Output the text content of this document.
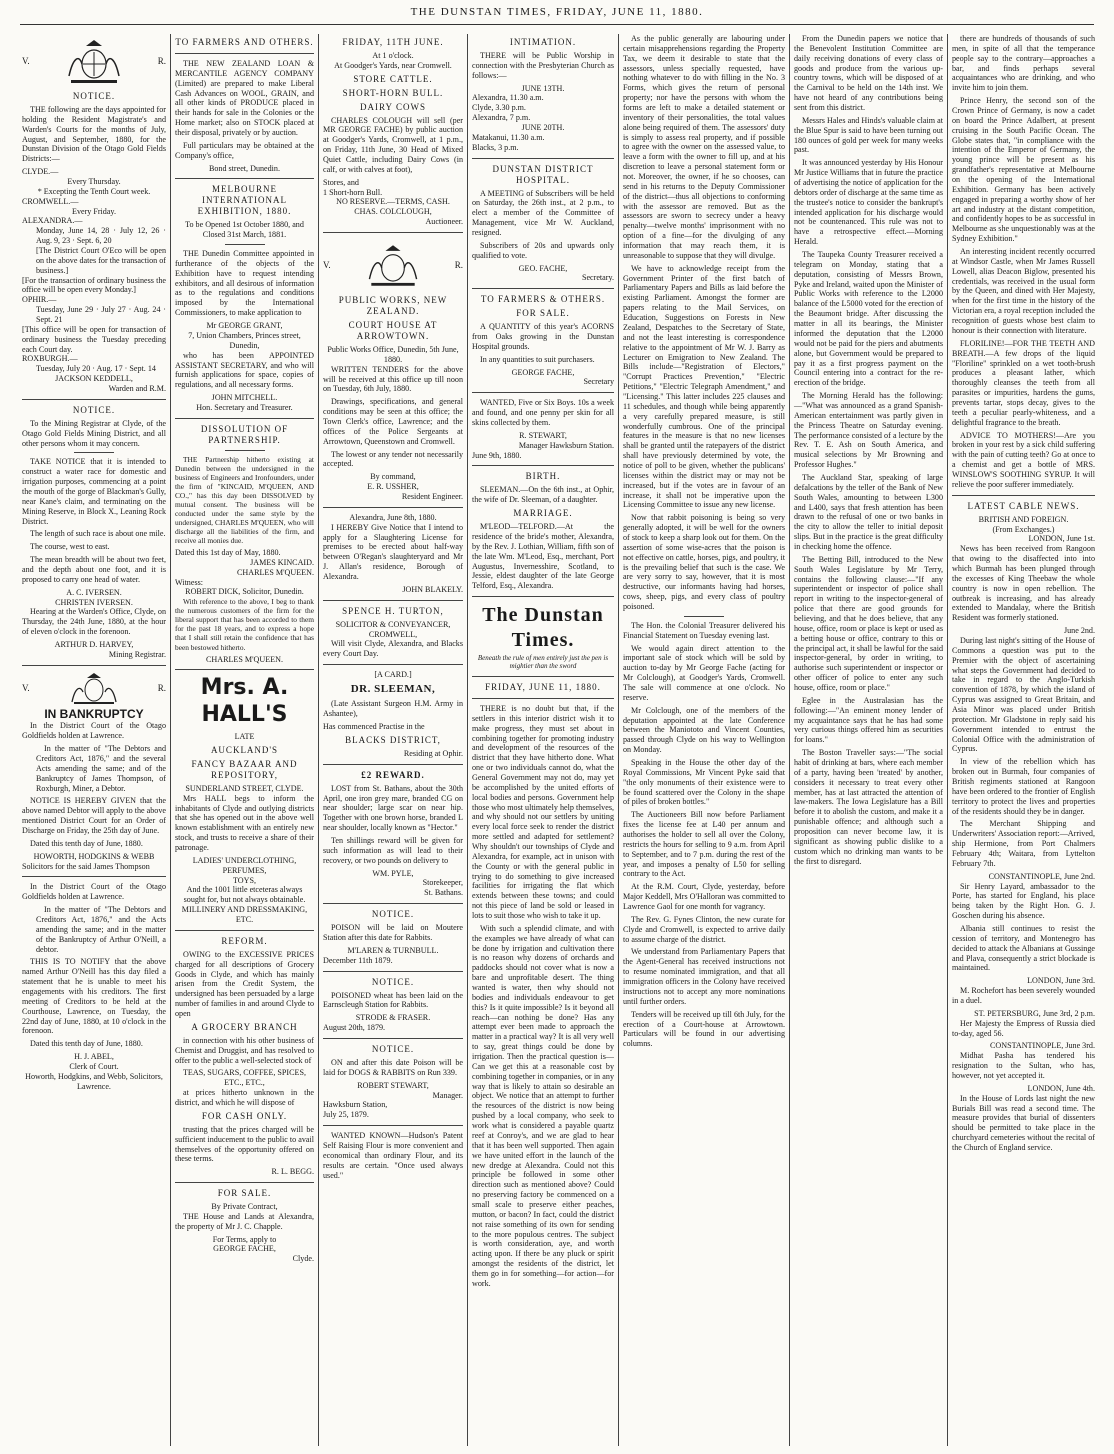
THE DUNSTAN TIMES, FRIDAY, JUNE 11, 1880.
V.	R.
NOTICE.

THE following are the days appointed for holding the Resident Magistrate's and Warden's Courts for the months of July, August, and September, 1880, for the Dunstan Division of the Otago Gold Fields Districts:—

CLYDE.—
Every Thursday.
* Excepting the Tenth Court week.
CROMWELL.—
Every Friday.
ALEXANDRA.—
Monday, June 14, 28 · July 12, 26 · Aug. 9, 23 · Sept. 6, 20
[The District Court O'Eco will be open on the above dates for the transaction of business.]
[For the transaction of ordinary business the office will be open every Monday.]
OPHIR.—
Tuesday, June 29 · July 27 · Aug. 24 · Sept. 21
[This office will be open for transaction of ordinary business the Tuesday preceding each Court day.
ROXBURGH.—
Tuesday, July 20 · Aug. 17 · Sept. 14
JACKSON KEDDELL,
Warden and R.M.
NOTICE.

To the Mining Registrar at Clyde, of the Otago Gold Fields Mining District, and all other persons whom it may concern.

TAKE NOTICE that it is intended to construct a water race for domestic and irrigation purposes, commencing at a point the mouth of the gorge of Blackman's Gully, near Kane's claim, and terminating on the Mining Reserve, in Block X., Leaning Rock District.

The length of such race is about one mile.

The course, west to east.

The mean breadth will be about two feet, and the depth about one foot, and it is proposed to carry one head of water.

A. C. IVERSEN.
CHRISTEN IVERSEN.

Hearing at the Warden's Office, Clyde, on Thursday, the 24th June, 1880, at the hour of eleven o'clock in the forenoon.

ARTHUR D. HARVEY,
Mining Registrar.
V.	R.
IN BANKRUPTCY

In the District Court of the Otago Goldfields holden at Lawrence.

In the matter of "The Debtors and Creditors Act, 1876," and the several Acts amending the same; and of the Bankruptcy of James Thompson, of Roxburgh, Miner, a Debtor.

NOTICE IS HEREBY GIVEN that the above named Debtor will apply to the above mentioned District Court for an Order of Discharge on Friday, the 25th day of June.

Dated this tenth day of June, 1880.

HOWORTH, HODGKINS & WEBB
Solicitors for the said James Thompson

In the District Court of the Otago Goldfields holden at Lawrence.

In the matter of "The Debtors and Creditors Act, 1876," and the Acts amending the same; and in the matter of the Bankruptcy of Arthur O'Neill, a debtor.

THIS IS TO NOTIFY that the above named Arthur O'Neill has this day filed a statement that he is unable to meet his engagements with his creditors. The first meeting of Creditors to be held at the Courthouse, Lawrence, on Tuesday, the 22nd day of June, 1880, at 10 o'clock in the forenoon.

Dated this tenth day of June, 1880.

H. J. ABEL,
Clerk of Court.
Howorth, Hodgkins, and Webb, Solicitors, Lawrence.
TO FARMERS AND OTHERS.

THE NEW ZEALAND LOAN & MERCANTILE AGENCY COMPANY (Limited) are prepared to make Liberal Cash Advances on WOOL, GRAIN, and all other kinds of PRODUCE placed in their hands for sale in the Colonies or the Home market; also on STOCK placed at their disposal, privately or by auction.

Full particulars may be obtained at the Company's office,

Bond street, Dunedin.
MELBOURNE INTERNATIONAL EXHIBITION, 1880.
To be Opened 1st October 1880, and Closed 31st March, 1881.

THE Dunedin Committee appointed in furtherance of the objects of the Exhibition have to request intending exhibitors, and all desirous of information as to the regulations and conditions imposed by the International Commissioners, to make application to

Mr GEORGE GRANT,
7, Union Chambers, Princes street, Dunedin,

who has been APPOINTED ASSISTANT SECRETARY, and who will furnish applications for space, copies of regulations, and all necessary forms.

JOHN MITCHELL.
Hon. Secretary and Treasurer.
DISSOLUTION OF PARTNERSHIP.

THE Partnership hitherto existing at Dunedin between the undersigned in the business of Engineers and Ironfounders, under the firm of "KINCAID, M'QUEEN, AND CO.," has this day been DISSOLVED by mutual consent. The business will be conducted under the same style by the undersigned, CHARLES M'QUEEN, who will discharge all the liabilities of the firm, and receive all monies due.

Dated this 1st day of May, 1880.
JAMES KINCAID.
CHARLES M'QUEEN.
Witness:
ROBERT DICK, Solicitor, Dunedin.

With reference to the above, I beg to thank the numerous customers of the firm for the liberal support that has been accorded to them for the past 18 years, and to express a hope that I shall still retain the confidence that has been bestowed hitherto.

CHARLES M'QUEEN.
Mrs. A. HALL'S
LATE
AUCKLAND'S
FANCY BAZAAR AND REPOSITORY,
SUNDERLAND STREET, CLYDE.

Mrs HALL begs to inform the inhabitants of Clyde and outlying districts that she has opened out in the above well known establishment with an entirely new stock, and trusts to receive a share of their patronage.

LADIES' UNDERCLOTHING,
PERFUMES,
TOYS,
And the 1001 little etceteras always sought for, but not always obtainable.
MILLINERY AND DRESSMAKING, ETC.
REFORM.

OWING to the EXCESSIVE PRICES charged for all descriptions of Grocery Goods in Clyde, and which has mainly arisen from the Credit System, the undersigned has been persuaded by a large number of families in and around Clyde to open

A GROCERY BRANCH

in connection with his other business of Chemist and Druggist, and has resolved to offer to the public a well-selected stock of

TEAS, SUGARS, COFFEE, SPICES, ETC., ETC.,

at prices hitherto unknown in the district, and which he will dispose of

FOR CASH ONLY.

trusting that the prices charged will be sufficient inducement to the public to avail themselves of the opportunity offered on these terms.

R. L. BEGG.
FOR SALE.
By Private Contract,

THE House and Lands at Alexandra, the property of Mr J. C. Chapple.

For Terms, apply to
GEORGE FACHE,
Clyde.
FRIDAY, 11TH JUNE.
At 1 o'clock.
At Goodger's Yards, near Cromwell.
STORE CATTLE.
SHORT-HORN BULL.
DAIRY COWS

CHARLES COLOUGH will sell (per MR GEORGE FACHE) by public auction at Goodger's Yards, Cromwell, at 1 p.m., on Friday, 11th June, 30 Head of Mixed Quiet Cattle, including Dairy Cows (in calf, or with calves at foot),

Stores, and
1 Short-horn Bull.
NO RESERVE.—TERMS, CASH.
CHAS. COLCLOUGH,
Auctioneer.
V.	R.
PUBLIC WORKS, NEW ZEALAND.
COURT HOUSE AT ARROWTOWN.
Public Works Office, Dunedin, 5th June, 1880.

WRITTEN TENDERS for the above will be received at this office up till noon on Tuesday, 6th July, 1880.

Drawings, specifications, and general conditions may be seen at this office; the Town Clerk's office, Lawrence; and the offices of the Police Sergeants at Arrowtown, Queenstown and Cromwell.

The lowest or any tender not necessarily accepted.

By command,
E. R. USSHER,
Resident Engineer.
Alexandra, June 8th, 1880.

I HEREBY Give Notice that I intend to apply for a Slaughtering License for premises to be erected about half-way between O'Regan's slaughteryard and Mr J. Allan's residence, Borough of Alexandra.

JOHN BLAKELY.
SPENCE H. TURTON,
SOLICITOR & CONVEYANCER,
CROMWELL,

Will visit Clyde, Alexandra, and Blacks every Court Day.

[A CARD.]
DR. SLEEMAN,

(Late Assistant Surgeon H.M. Army in Ashantee),

Has commenced Practise in the
BLACKS DISTRICT,
Residing at Ophir.
£2 REWARD.

LOST from St. Bathans, about the 30th April, one iron grey mare, branded CG on near shoulder; large scar on near hip. Together with one brown horse, branded L near shoulder, locally known as "Hector."

Ten shillings reward will be given for such information as will lead to their recovery, or two pounds on delivery to

WM. PYLE,
Storekeeper,
St. Bathans.
NOTICE.

POISON will be laid on Moutere Station after this date for Rabbits.

M'LAREN & TURNBULL.
December 11th 1879.
NOTICE.

POISONED wheat has been laid on the Earnscleugh Station for Rabbits.

STRODE & FRASER.
August 20th, 1879.
NOTICE.

ON and after this date Poison will be laid for DOGS & RABBITS on Run 339.

ROBERT STEWART,
Manager.
Hawksburn Station,
July 25, 1879.

WANTED KNOWN—Hudson's Patent Self Raising Flour is more convenient and economical than ordinary Flour, and its results are certain. "Once used always used."

INTIMATION.

THERE will be Public Worship in connection with the Presbyterian Church as follows:—

JUNE 13TH.
Alexandra, 11.30 a.m.
Clyde, 3.30 p.m.
Alexandra, 7 p.m.
JUNE 20TH.
Matakanui, 11.30 a.m.
Blacks, 3 p.m.
DUNSTAN DISTRICT HOSPITAL.

A MEETING of Subscribers will be held on Saturday, the 26th inst., at 2 p.m., to elect a member of the Committee of Management, vice Mr W. Auckland, resigned.

Subscribers of 20s and upwards only qualified to vote.

GEO. FACHE,
Secretary.
TO FARMERS & OTHERS.
FOR SALE.

A QUANTITY of this year's ACORNS from Oaks growing in the Dunstan Hospital grounds.

In any quantities to suit purchasers.

GEORGE FACHE,
Secretary

WANTED, Five or Six Boys. 10s a week and found, and one penny per skin for all skins collected by them.

R. STEWART,
Manager Hawksburn Station.
June 9th, 1880.
BIRTH.

SLEEMAN.—On the 6th inst., at Ophir, the wife of Dr. Sleeman, of a daughter.

MARRIAGE.

M'LEOD—TELFORD.—At the residence of the bride's mother, Alexandra, by the Rev. J. Lothian, William, fifth son of the late Wm. M'Leod, Esq., merchant, Port Augustus, Invernesshire, Scotland, to Jessie, eldest daughter of the late George Telford, Esq., Alexandra.

The Dunstan Times.
Beneath the rule of men entirely just the pen is mightier than the sword
FRIDAY, JUNE 11, 1880.

THERE is no doubt but that, if the settlers in this interior district wish it to make progress, they must set about in combining together for promoting industry and development of the resources of the district that they have hitherto done. What one or two individuals cannot do, what the General Government may not do, may yet be accomplished by the united efforts of local bodies and persons. Government help those who most ultimately help themselves, and why should not our settlers by uniting every local force seek to render the district more settled and adapted for settlement? Why shouldn't our townships of Clyde and Alexandra, for example, act in unison with the County or with the general public in trying to do something to give increased facilities for irrigating the flat which extends between these towns; and could not this piece of land be sold or leased in lots to suit those who wish to take it up.

With such a splendid climate, and with the examples we have already of what can be done by irrigation and cultivation there is no reason why dozens of orchards and paddocks should not cover what is now a bare and unprofitable desert. The thing wanted is water, then why should not bodies and individuals endeavour to get this? Is it quite impossible? Is it beyond all reach—can nothing be done? Has any attempt ever been made to approach the matter in a practical way? It is all very well to say, great things could be done by irrigation. Then the practical question is—Can we get this at a reasonable cost by combining together in companies, or in any way that is likely to attain so desirable an object. We notice that an attempt to further the resources of the district is now being pushed by a local company, who seek to work what is considered a payable quartz reef at Conroy's, and we are glad to hear that it has been well supported. Then again we have united effort in the launch of the new dredge at Alexandra. Could not this principle be followed in some other direction such as mentioned above? Could no preserving factory be commenced on a small scale to preserve either peaches, mutton, or bacon? In fact, could the district not raise something of its own for sending to the more populous centres. The subject is worth consideration, aye, and worth acting upon. If there be any pluck or spirit amongst the residents of the district, let them go in for something—for action—for work.

As the public generally are labouring under certain misapprehensions regarding the Property Tax, we deem it desirable to state that the assessors, unless specially requested, have nothing whatever to do with filling in the No. 3 Forms, which gives the return of personal property; nor have the persons with whom the forms are left to make a detailed statement or inventory of their personalities, the total values alone being required of them. The assessors' duty is simply to assess real property, and if possible to agree with the owner on the assessed value, to leave a form with the owner to fill up, and at his discretion to leave a personal statement form or not. Moreover, the owner, if he so chooses, can send in his returns to the Deputy Commissioner of the district—thus all objections to conforming with the assessor are removed. But as the assessors are sworn to secrecy under a heavy penalty—twelve months' imprisonment with no option of a fine—for the divulging of any information that may reach them, it is unreasonable to suppose that they will divulge.

We have to acknowledge receipt from the Government Printer of the first batch of Parliamentary Papers and Bills as laid before the existing Parliament. Amongst the former are papers relating to the Mail Services, on Education, Suggestions on Forests in New Zealand, Despatches to the Secretary of State, and not the least interesting is correspondence relative to the appointment of Mr W. J. Barry as Lecturer on Emigration to New Zealand. The Bills include—"Registration of Electors," "Corrupt Practices Prevention," "Electric Petitions," "Electric Telegraph Amendment," and "Licensing." This latter includes 225 clauses and 11 schedules, and though while being apparently a very carefully prepared measure, is still wonderfully cumbrous. One of the principal features in the measure is that no new licenses shall be granted until the ratepayers of the district shall have previously determined by vote, the notice of poll to be given, whether the publicans' licenses within the district may or may not be increased, but if the votes are in favour of an increase, it shall not be imperative upon the Licensing Committee to issue any new license.

Now that rabbit poisoning is being so very generally adopted, it will be well for the owners of stock to keep a sharp look out for them. On the assertion of some wise-acres that the poison is not effective on cattle, horses, pigs, and poultry, it is the prevailing belief that such is the case. We are very sorry to say, however, that it is most destructive, our informants having had horses, cows, sheep, pigs, and every class of poultry poisoned.

The Hon. the Colonial Treasurer delivered his Financial Statement on Tuesday evening last.

We would again direct attention to the important sale of stock which will be sold by auction to-day by Mr George Fache (acting for Mr Colclough), at Goodger's Yards, Cromwell. The sale will commence at one o'clock. No reserve.

Mr Colclough, one of the members of the deputation appointed at the late Conference between the Maniototo and Vincent Counties, passed through Clyde on his way to Wellington on Monday.

Speaking in the House the other day of the Royal Commissions, Mr Vincent Pyke said that "the only monuments of their existence were to be found scattered over the Colony in the shape of piles of broken bottles."

The Auctioneers Bill now before Parliament fixes the license fee at L40 per annum and authorises the holder to sell all over the Colony, restricts the hours for selling to 9 a.m. from April to September, and to 7 p.m. during the rest of the year, and imposes a penalty of L50 for selling contrary to the Act.

At the R.M. Court, Clyde, yesterday, before Major Keddell, Mrs O'Halloran was committed to Lawrence Gaol for one month for vagrancy.

The Rev. G. Fynes Clinton, the new curate for Clyde and Cromwell, is expected to arrive daily to assume charge of the district.

We understand from Parliamentary Papers that the Agent-General has received instructions not to resume nominated immigration, and that all immigration officers in the Colony have received instructions not to accept any more nominations until further orders.

Tenders will be received up till 6th July, for the erection of a Court-house at Arrowtown. Particulars will be found in our advertising columns.

From the Dunedin papers we notice that the Benevolent Institution Committee are daily receiving donations of every class of goods and produce from the various up-country towns, which will be disposed of at the Carnival to be held on the 14th inst. We have not heard of any contributions being sent from this district.

Messrs Hales and Hinds's valuable claim at the Blue Spur is said to have been turning out 180 ounces of gold per week for many weeks past.

It was announced yesterday by His Honour Mr Justice Williams that in future the practice of advertising the notice of application for the debtors order of discharge at the same time as the trustee's notice to consider the bankrupt's intended application for his discharge would not be countenanced. This rule was not to have a retrospective effect.—Morning Herald.

The Taupeka County Treasurer received a telegram on Monday, stating that a deputation, consisting of Messrs Brown, Pyke and Ireland, waited upon the Minister of Public Works with reference to the L2000 balance of the L5000 voted for the erection of the Beaumont bridge. After discussing the matter in all its bearings, the Minister informed the deputation that the L2000 would not be paid for the piers and abutments alone, but Government would be prepared to pay it as a first progress payment on the Council entering into a contract for the re-erection of the bridge.

The Morning Herald has the following:—"What was announced as a grand Spanish-American entertainment was partly given in the Princess Theatre on Saturday evening. The performance consisted of a lecture by the Rev. T. E. Ash on South America, and musical selections by Mr Browning and Professor Hughes."

The Auckland Star, speaking of large defalcations by the teller of the Bank of New South Wales, amounting to between L300 and L400, says that fresh attention has been drawn to the refusal of one or two banks in the city to allow the teller to initial deposit slips. But in the practice is the great difficulty in checking home the offence.

The Betting Bill, introduced to the New South Wales Legislature by Mr Terry, contains the following clause:—"If any superintendent or inspector of police shall report in writing to the inspector-general of police that there are good grounds for believing, and that he does believe, that any house, office, room or place is kept or used as a betting house or office, contrary to this or the principal act, it shall be lawful for the said inspector-general, by order in writing, to authorise such superintendent or inspector or other officer of police to enter any such house, office, room or place."

Eglee in the Australasian has the following:—"An eminent money lender of my acquaintance says that he has had some very curious things offered him as securities for loans."

The Boston Traveller says:—"The social habit of drinking at bars, where each member of a party, having been 'treated' by another, considers it necessary to treat every other member, has at last attracted the attention of law-makers. The Iowa Legislature has a Bill before it to abolish the custom, and make it a punishable offence; and although such a proposition can never become law, it is significant as showing public dislike to a custom which no drinking man wants to be the first to disregard.

there are hundreds of thousands of such men, in spite of all that the temperance people say to the contrary—approaches a bar, and finds perhaps several acquaintances who are drinking, and who invite him to join them.

Prince Henry, the second son of the Crown Prince of Germany, is now a cadet on board the Prince Adalbert, at present cruising in the South Pacific Ocean. The Globe states that, "in compliance with the intention of the Emperor of Germany, the young prince will be present as his grandfather's representative at Melbourne on the opening of the International Exhibition. Germany has been actively engaged in preparing a worthy show of her art and industry at the distant competition, and confidently hopes to be as successful in Melbourne as she unquestionably was at the Sydney Exhibition."

An interesting incident recently occurred at Windsor Castle, when Mr James Russell Lowell, alias Deacon Biglow, presented his credentials, was received in the usual form by the Queen, and dined with Her Majesty, when for the first time in the history of the Victorian era, a royal reception included the recognition of guests whose best claim to honour is their connection with literature.

FLORILINE!—FOR THE TEETH AND BREATH.—A few drops of the liquid "Floriline" sprinkled on a wet tooth-brush produces a pleasant lather, which thoroughly cleanses the teeth from all parasites or impurities, hardens the gums, prevents tartar, stops decay, gives to the teeth a peculiar pearly-whiteness, and a delightful fragrance to the breath.

ADVICE TO MOTHERS!—Are you broken in your rest by a sick child suffering with the pain of cutting teeth? Go at once to a chemist and get a bottle of MRS. WINSLOW'S SOOTHING SYRUP. It will relieve the poor sufferer immediately.

LATEST CABLE NEWS.
BRITISH AND FOREIGN.
(From Exchanges.)
LONDON, June 1st.

News has been received from Rangoon that owing to the disaffected into into which Burmah has been plunged through the excesses of King Theebaw the whole country is now in open rebellion. The outbreak is increasing, and has already extended to Mandalay, where the British Resident was formerly stationed.

June 2nd.

During last night's sitting of the House of Commons a question was put to the Premier with the object of ascertaining what steps the Government had decided to take in regard to the Anglo-Turkish convention of 1878, by which the island of Cyprus was assigned to Great Britain, and Asia Minor was placed under British protection. Mr Gladstone in reply said his Government intended to entrust the Colonial Office with the administration of Cyprus.

In view of the rebellion which has broken out in Burmah, four companies of British regiments stationed at Rangoon have been ordered to the frontier of English territory to protect the lives and properties of the residents should they be in danger.

The Merchant Shipping and Underwriters' Association report:—Arrived, ship Hermione, from Port Chalmers February 4th; Waitara, from Lyttelton February 7th.

CONSTANTINOPLE, June 2nd.

Sir Henry Layard, ambassador to the Porte, has started for England, his place being taken by the Right Hon. G. J. Goschen during his absence.

Albania still continues to resist the cession of territory, and Montenegro has decided to attack the Albanians at Gussinge and Plava, consequently a strict blockade is maintained.

LONDON, June 3rd.

M. Rochefort has been severely wounded in a duel.

ST. PETERSBURG, June 3rd, 2 p.m.

Her Majesty the Empress of Russia died to-day, aged 56.

CONSTANTINOPLE, June 3rd.

Midhat Pasha has tendered his resignation to the Sultan, who has, however, not yet accepted it.

LONDON, June 4th.

In the House of Lords last night the new Burials Bill was read a second time. The measure provides that burial of dissenters should be permitted to take place in the churchyard cemeteries without the recital of the Church of England service.
